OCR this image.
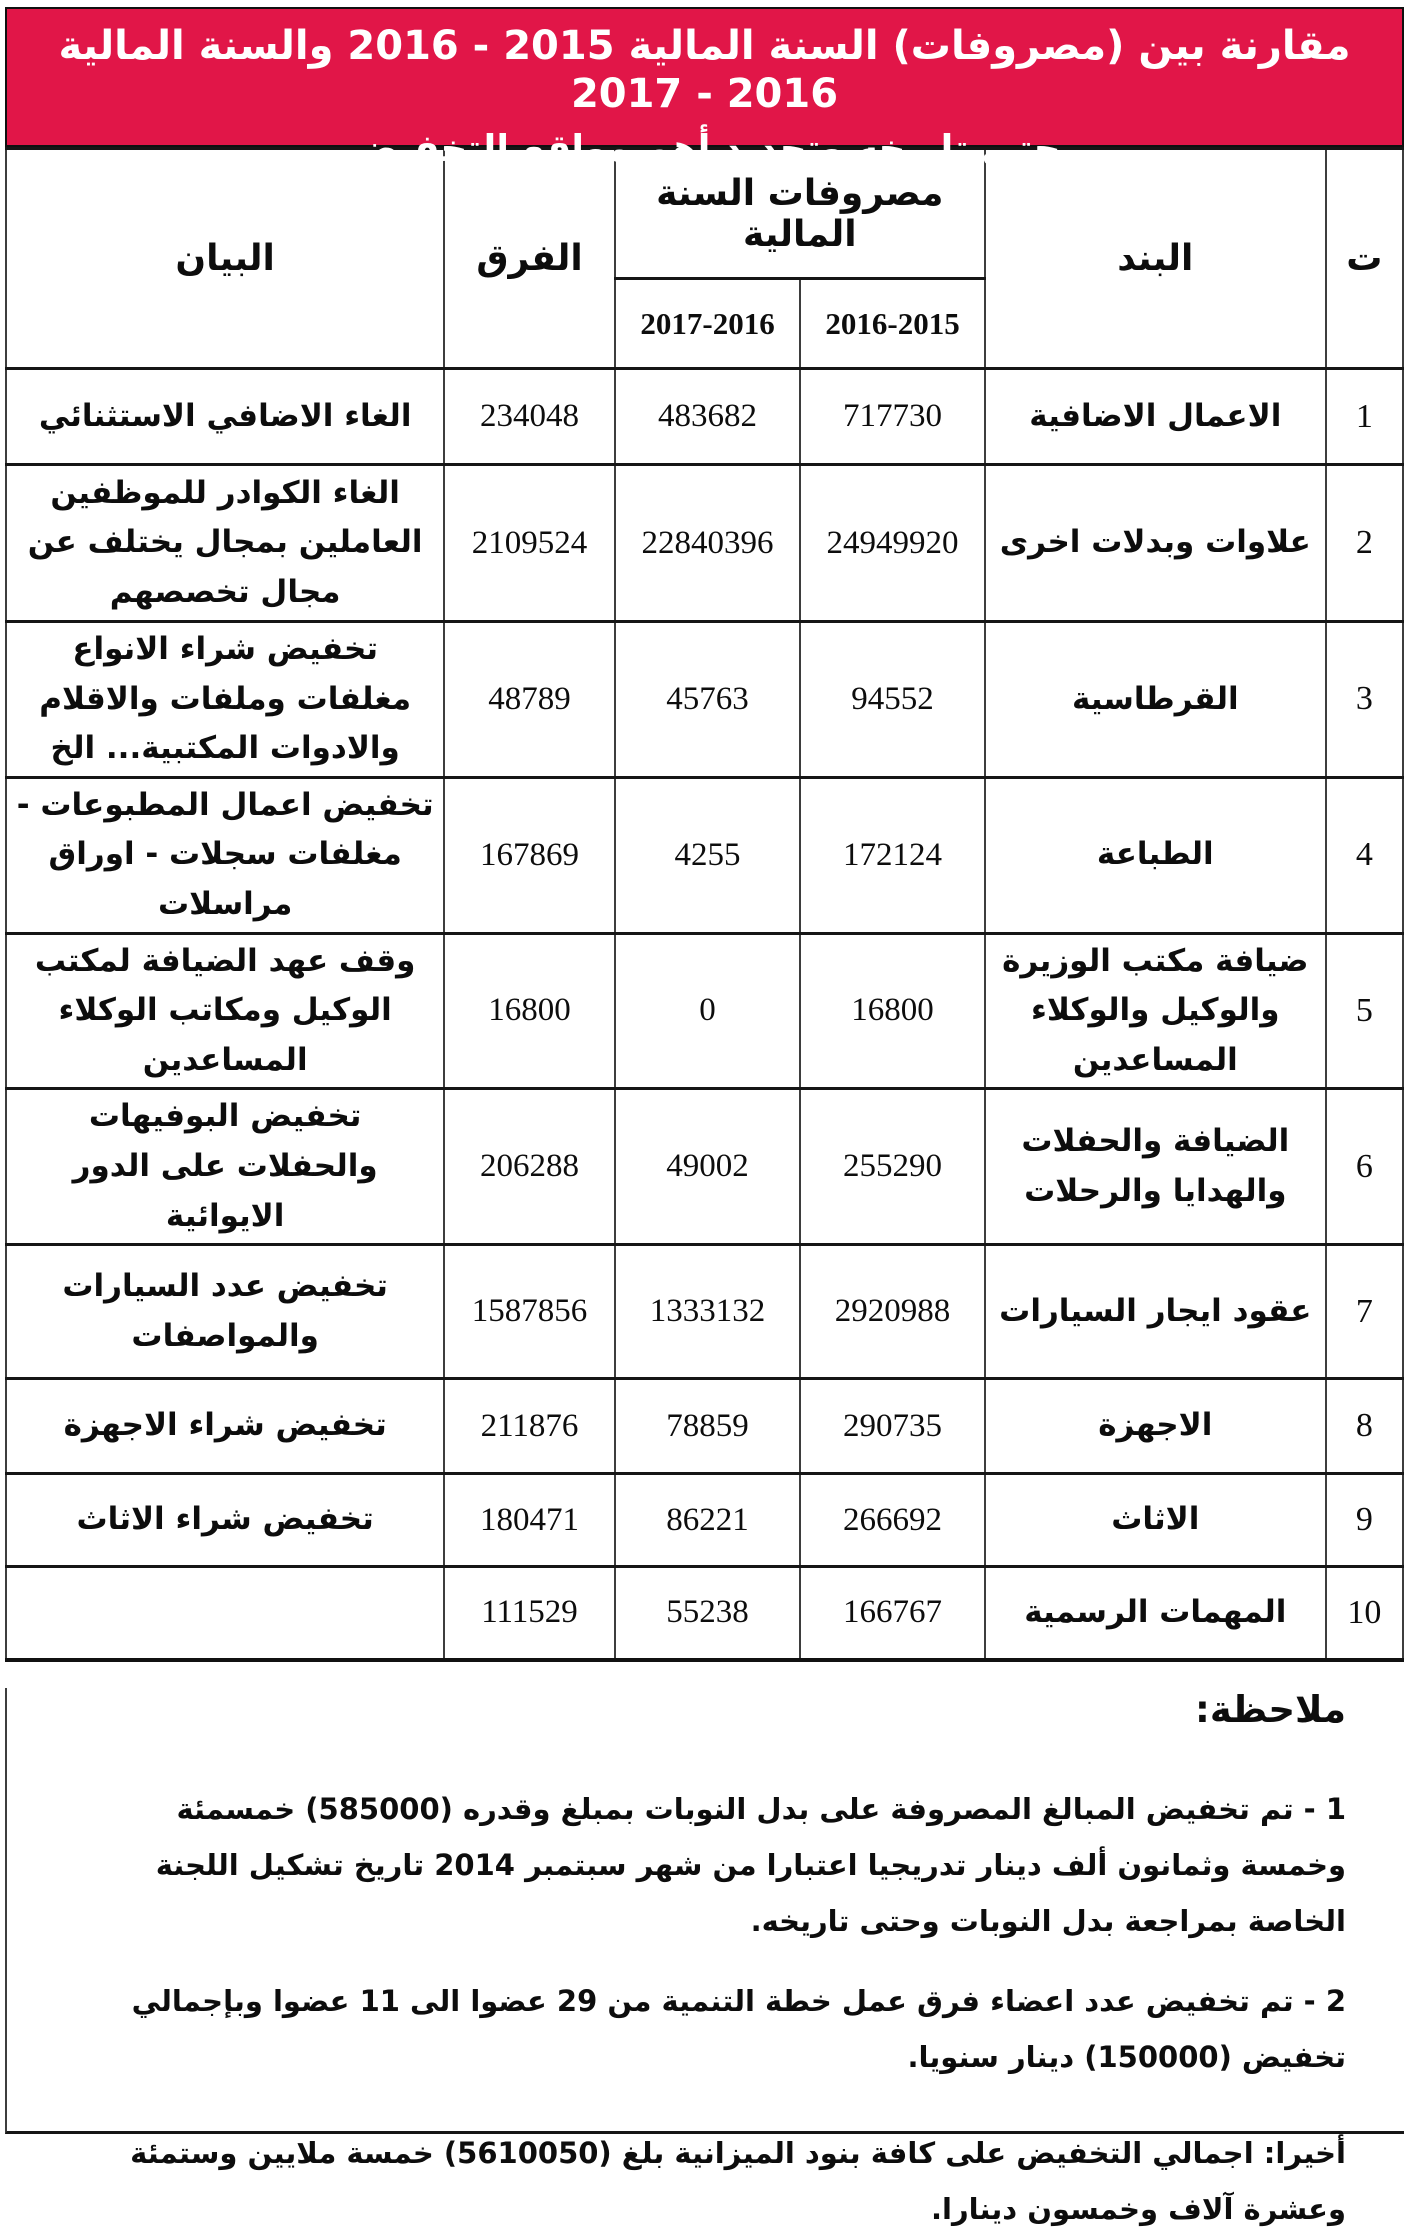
مقارنة بين (مصروفات) السنة المالية 2015 - 2016 والسنة المالية 2016 - 2017
حتى تاريخه وتحديد أهم مواقع التخفيض
ت	البند	مصروفات السنة المالية		الفرق	البيان
		2016-2015	2017-2016		
1	الاعمال الاضافية	717730	483682	234048	الغاء الاضافي الاستثنائي
2	علاوات وبدلات اخرى	24949920	22840396	2109524	الغاء الكوادر للموظفين العاملين بمجال يختلف عن مجال تخصصهم
3	القرطاسية	94552	45763	48789	تخفيض شراء الانواع مغلفات وملفات والاقلام والادوات المكتبية... الخ
4	الطباعة	172124	4255	167869	تخفيض اعمال المطبوعات - مغلفات سجلات - اوراق مراسلات
5	ضيافة مكتب الوزيرة والوكيل والوكلاء المساعدين	16800	0	16800	وقف عهد الضيافة لمكتب الوكيل ومكاتب الوكلاء المساعدين
6	الضيافة والحفلات والهدايا والرحلات	255290	49002	206288	تخفيض البوفيهات والحفلات على الدور الايوائية
7	عقود ايجار السيارات	2920988	1333132	1587856	تخفيض عدد السيارات والمواصفات
8	الاجهزة	290735	78859	211876	تخفيض شراء الاجهزة
9	الاثاث	266692	86221	180471	تخفيض شراء الاثاث
10	المهمات الرسمية	166767	55238	111529	
ملاحظة:

1 - تم تخفيض المبالغ المصروفة على بدل النوبات بمبلغ وقدره (585000) خمسمئة وخمسة وثمانون ألف دينار تدريجيا اعتبارا من شهر سبتمبر 2014 تاريخ تشكيل اللجنة الخاصة بمراجعة بدل النوبات وحتى تاريخه.

2 - تم تخفيض عدد اعضاء فرق عمل خطة التنمية من 29 عضوا الى 11 عضوا وبإجمالي تخفيض (150000) دينار سنويا.

أخيرا: اجمالي التخفيض على كافة بنود الميزانية بلغ (5610050) خمسة ملايين وستمئة وعشرة آلاف وخمسون دينارا.
